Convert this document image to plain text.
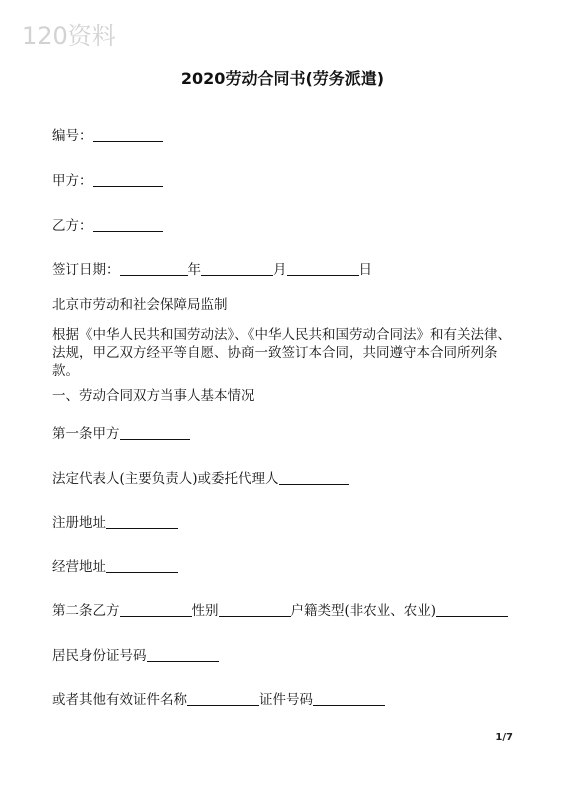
120资料
2020劳动合同书(劳务派遣)
编号：
甲方：
乙方：
签订日期：	年	月	日
北京市劳动和社会保障局监制
根据《中华人民共和国劳动法》、《中华人民共和国劳动合同法》和有关法律、法规，甲乙双方经平等自愿、协商一致签订本合同，共同遵守本合同所列条款。
一、劳动合同双方当事人基本情况
第一条甲方
法定代表人(主要负责人)或委托代理人
注册地址
经营地址
第二条乙方	性别	户籍类型(非农业、农业)
居民身份证号码
或者其他有效证件名称	证件号码
1/7
